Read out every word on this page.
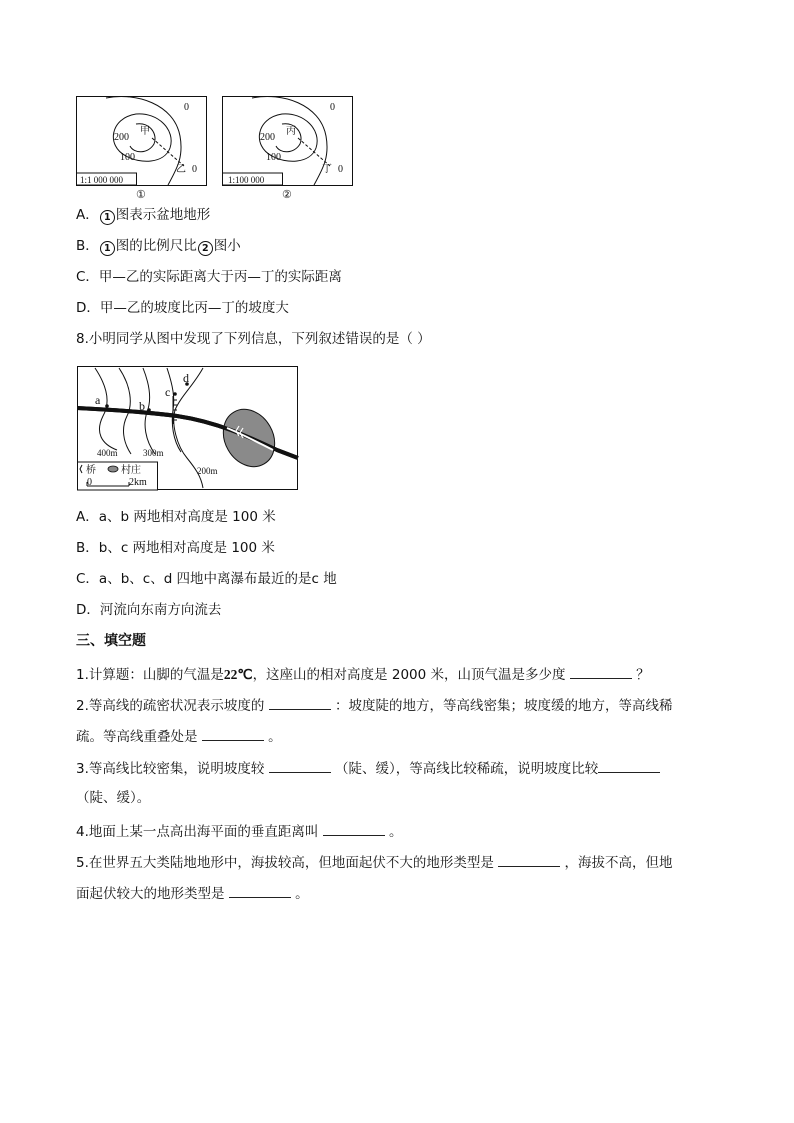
0
200
100
甲
乙 0
1:1 000 000
①
0
200
100
丙
丁 0
1:100 000
②
A． 1 图表示盆地地形
B． 1 图的比例尺比 2 图小
C．甲—乙的实际距离大于丙—丁的实际距离
D．甲—乙的坡度比丙—丁的坡度大
8.小明同学从图中发现了下列信息，下列叙述错误的是（ ）
a	b
c
d
400m	300m
200m
桥	村庄
0	2km
A．a、b 两地相对高度是 100 米
B．b、c 两地相对高度是 100 米
C．a、b、c、d 四地中离瀑布最近的是c 地
D．河流向东南方向流去
三、填空题
1.计算题：山脚的气温是22℃，这座山的相对高度是 2000 米，山顶气温是多少度	？
2.等高线的疏密状况表示坡度的	：坡度陡的地方，等高线密集；坡度缓的地方，等高线稀
疏。等高线重叠处是	。
3.等高线比较密集，说明坡度较	（陡、缓），等高线比较稀疏，说明坡度比较
（陡、缓）。
4.地面上某一点高出海平面的垂直距离叫	。
5.在世界五大类陆地地形中，海拔较高，但地面起伏不大的地形类型是	，海拔不高，但地
面起伏较大的地形类型是	。
